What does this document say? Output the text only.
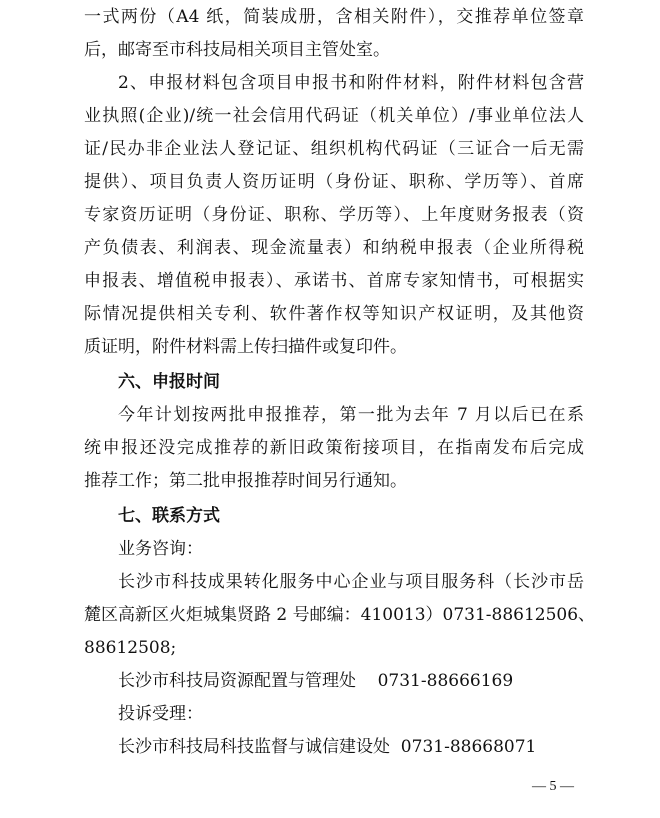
一式两份（A4 纸，简装成册，含相关附件），交推荐单位签章
后，邮寄至市科技局相关项目主管处室。
2、申报材料包含项目申报书和附件材料，附件材料包含营
业执照(企业)/统一社会信用代码证（机关单位）/事业单位法人
证/民办非企业法人登记证、组织机构代码证（三证合一后无需
提供）、项目负责人资历证明（身份证、职称、学历等）、首席
专家资历证明（身份证、职称、学历等）、上年度财务报表（资
产负债表、利润表、现金流量表）和纳税申报表（企业所得税
申报表、增值税申报表）、承诺书、首席专家知情书，可根据实
际情况提供相关专利、软件著作权等知识产权证明，及其他资
质证明，附件材料需上传扫描件或复印件。
六、申报时间
今年计划按两批申报推荐，第一批为去年 7 月以后已在系
统申报还没完成推荐的新旧政策衔接项目，在指南发布后完成
推荐工作；第二批申报推荐时间另行通知。
七、联系方式
业务咨询：
长沙市科技成果转化服务中心企业与项目服务科（长沙市岳
麓区高新区火炬城集贤路 2 号邮编：410013）0731-88612506、
88612508;
长沙市科技局资源配置与管理处    0731-88666169
投诉受理：
长沙市科技局科技监督与诚信建设处  0731-88668071
— 5 —
